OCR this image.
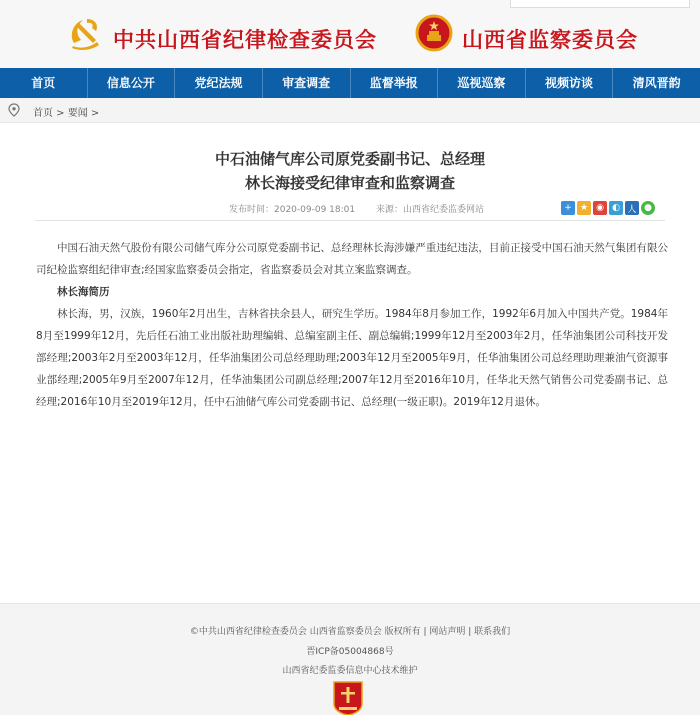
中共山西省纪律检查委员会	山西省监察委员会
首页	信息公开	党纪法规	审查调查	监督举报	巡视巡察	视频访谈	清风晋韵
首页 > 要闻 >
中石油储气库公司原党委副书记、总经理
林长海接受纪律审查和监察调查
发布时间：2020-09-09 18:01 来源：山西省纪委监委网站	+ ★ ◉ ◐ 人 ●

中国石油天然气股份有限公司储气库分公司原党委副书记、总经理林长海涉嫌严重违纪违法，目前正接受中国石油天然气集团有限公司纪检监察组纪律审查;经国家监察委员会指定，省监察委员会对其立案监察调查。

林长海简历

林长海，男，汉族，1960年2月出生，吉林省扶余县人，研究生学历。1984年8月参加工作，1992年6月加入中国共产党。1984年8月至1999年12月，先后任石油工业出版社助理编辑、总编室副主任、副总编辑;1999年12月至2003年2月，任华油集团公司科技开发部经理;2003年2月至2003年12月，任华油集团公司总经理助理;2003年12月至2005年9月，任华油集团公司总经理助理兼油气资源事业部经理;2005年9月至2007年12月，任华油集团公司副总经理;2007年12月至2016年10月，任华北天然气销售公司党委副书记、总经理;2016年10月至2019年12月，任中石油储气库公司党委副书记、总经理(一级正职)。2019年12月退休。

©中共山西省纪律检查委员会 山西省监察委员会 版权所有 | 网站声明 | 联系我们
晋ICP备05004868号
山西省纪委监委信息中心技术维护
